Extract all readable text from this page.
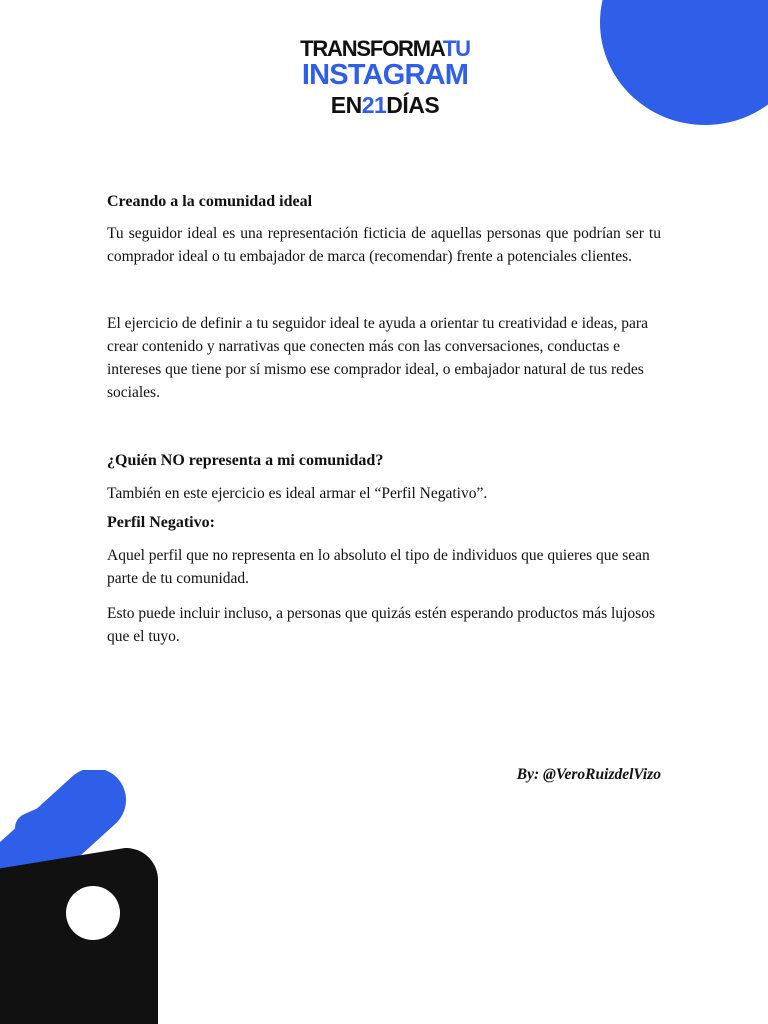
TRANSFORMATU
INSTAGRAM
EN21DÍAS

Creando a la comunidad ideal

Tu seguidor ideal es una representación ficticia de aquellas personas que podrían ser tu comprador ideal o tu embajador de marca (recomendar) frente a potenciales clientes.

El ejercicio de definir a tu seguidor ideal te ayuda a orientar tu creatividad e ideas, para crear contenido y narrativas que conecten más con las conversaciones, conductas e intereses que tiene por sí mismo ese comprador ideal, o embajador natural de tus redes sociales.

¿Quién NO representa a mi comunidad?

También en este ejercicio es ideal armar el “Perfil Negativo”.

Perfil Negativo:

Aquel perfil que no representa en lo absoluto el tipo de individuos que quieres que sean parte de tu comunidad.

Esto puede incluir incluso, a personas que quizás estén esperando productos más lujosos que el tuyo.

By: @VeroRuizdelVizo
